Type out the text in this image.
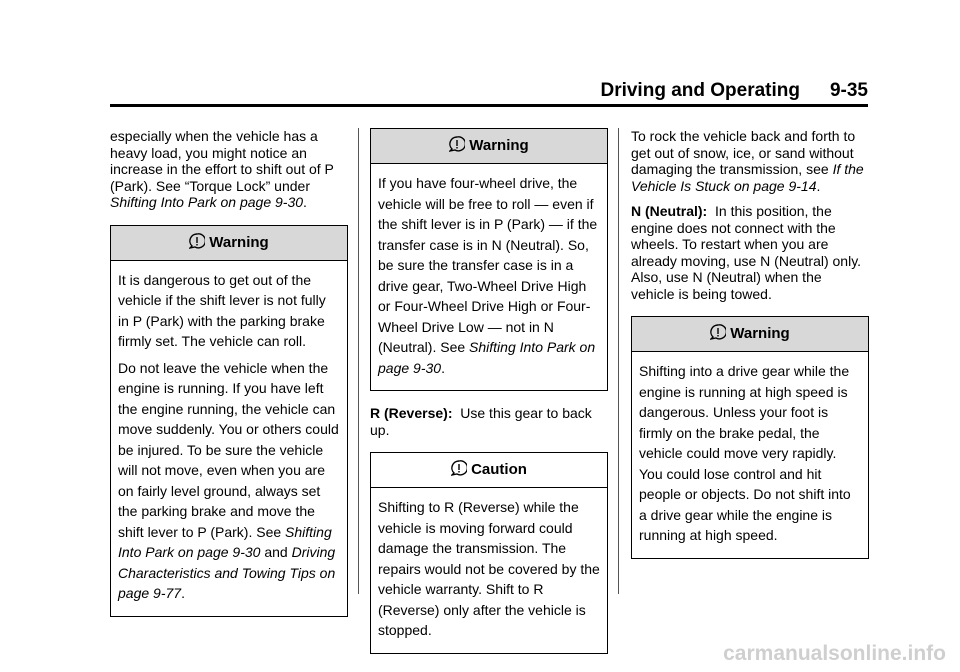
Driving and Operating 9-35

especially when the vehicle has a heavy load, you might notice an increase in the effort to shift out of P (Park). See “Torque Lock” under Shifting Into Park on page 9-30.

Warning

It is dangerous to get out of the vehicle if the shift lever is not fully in P (Park) with the parking brake firmly set. The vehicle can roll.

Do not leave the vehicle when the engine is running. If you have left the engine running, the vehicle can move suddenly. You or others could be injured. To be sure the vehicle will not move, even when you are on fairly level ground, always set the parking brake and move the shift lever to P (Park). See Shifting Into Park on page 9-30 and Driving Characteristics and Towing Tips on page 9-77.

Warning

If you have four-wheel drive, the vehicle will be free to roll — even if the shift lever is in P (Park) — if the transfer case is in N (Neutral). So, be sure the transfer case is in a drive gear, Two-Wheel Drive High or Four-Wheel Drive High or Four-Wheel Drive Low — not in N (Neutral). See Shifting Into Park on page 9-30.

R (Reverse): Use this gear to back up.

Caution

Shifting to R (Reverse) while the vehicle is moving forward could damage the transmission. The repairs would not be covered by the vehicle warranty. Shift to R (Reverse) only after the vehicle is stopped.

To rock the vehicle back and forth to get out of snow, ice, or sand without damaging the transmission, see If the Vehicle Is Stuck on page 9-14.

N (Neutral): In this position, the engine does not connect with the wheels. To restart when you are already moving, use N (Neutral) only. Also, use N (Neutral) when the vehicle is being towed.

Warning

Shifting into a drive gear while the engine is running at high speed is dangerous. Unless your foot is firmly on the brake pedal, the vehicle could move very rapidly. You could lose control and hit people or objects. Do not shift into a drive gear while the engine is running at high speed.

carmanualsonline.info
